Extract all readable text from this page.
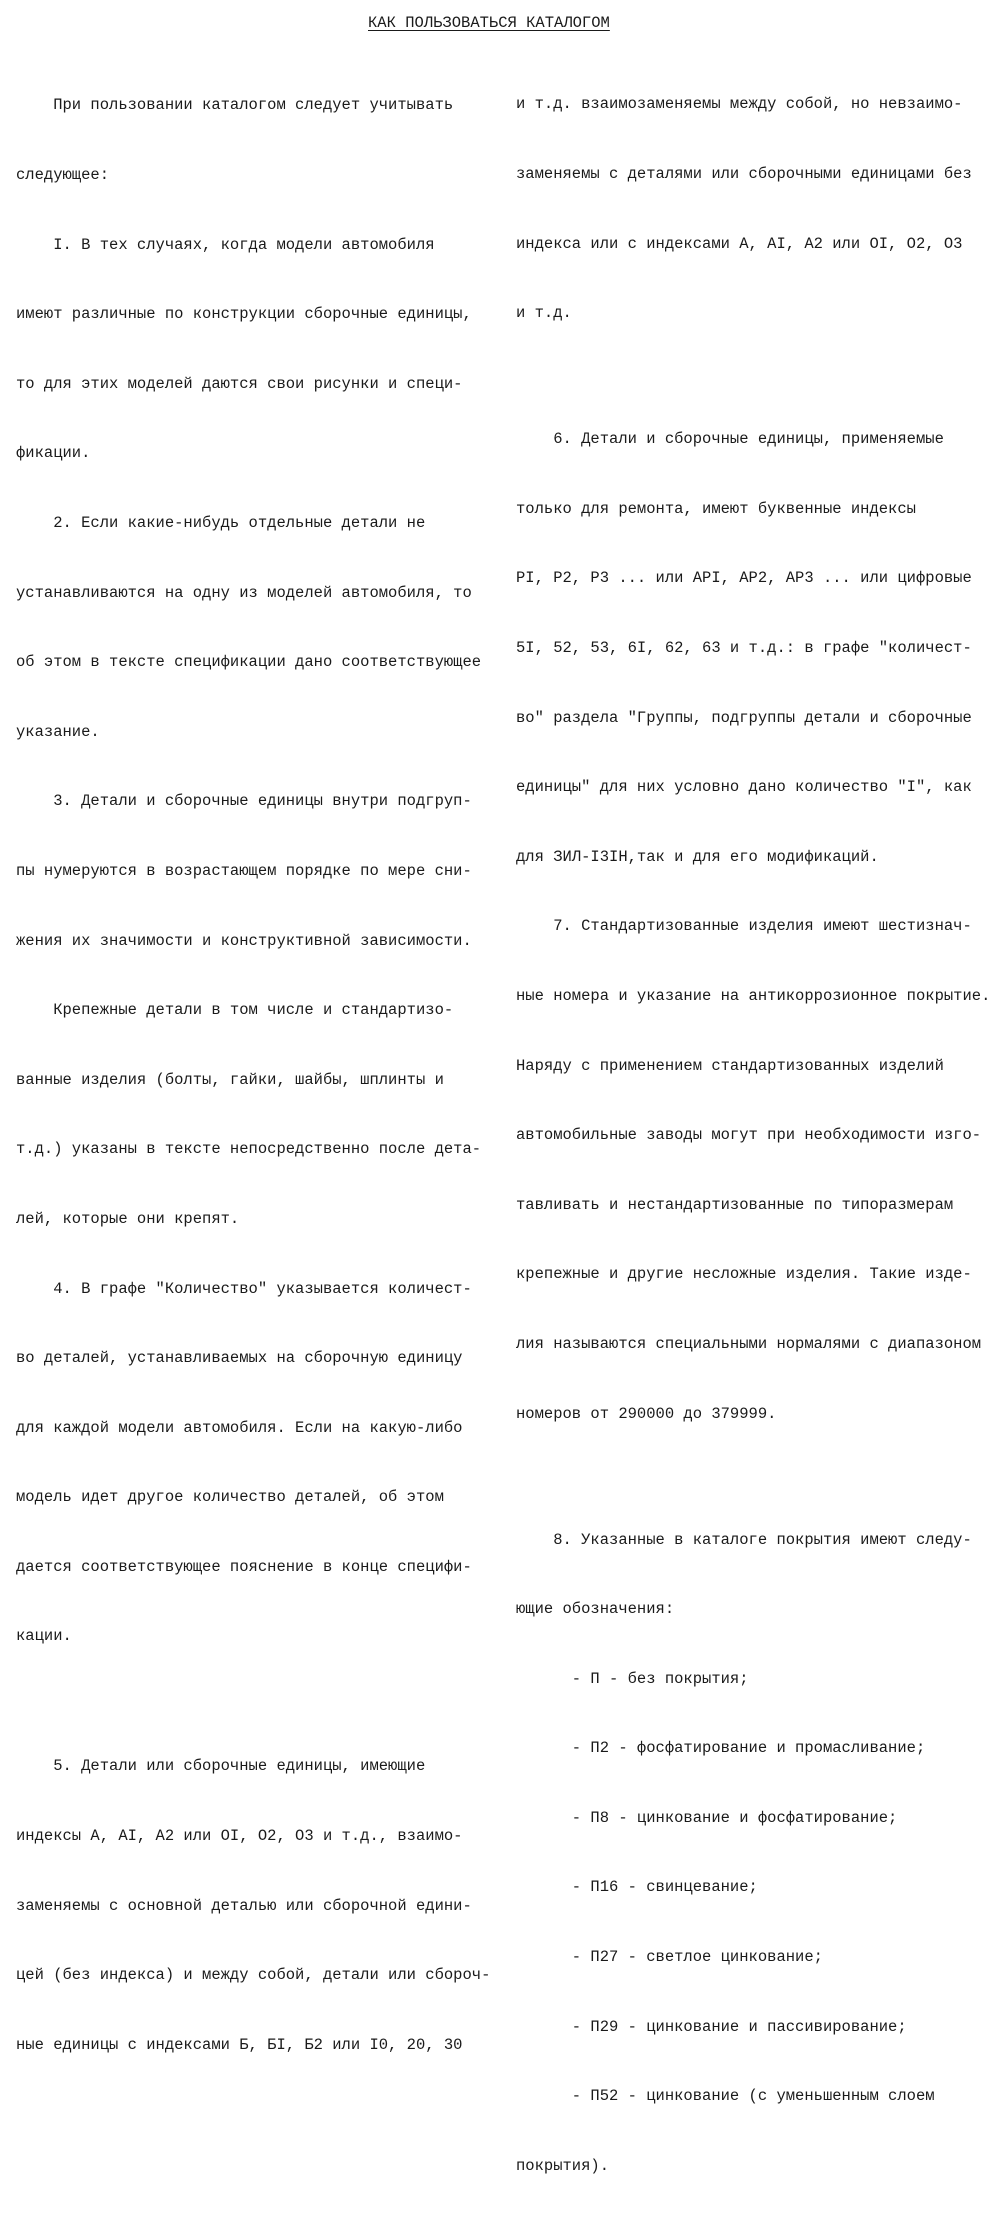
КАК ПОЛЬЗОВАТЬСЯ КАТАЛОГОМ

При пользовании каталогом следует учитывать

следующее:

I. В тех случаях, когда модели автомобиля

имеют различные по конструкции сборочные единицы,

то для этих моделей даются свои рисунки и специ-

фикации.

2. Если какие-нибудь отдельные детали не

устанавливаются на одну из моделей автомобиля, то

об этом в тексте спецификации дано соответствующее

указание.

3. Детали и сборочные единицы внутри подгруп-

пы нумеруются в возрастающем порядке по мере сни-

жения их значимости и конструктивной зависимости.

Крепежные детали в том числе и стандартизо-

ванные изделия (болты, гайки, шайбы, шплинты и

т.д.) указаны в тексте непосредственно после дета-

лей, которые они крепят.

4. В графе "Количество" указывается количест-

во деталей, устанавливаемых на сборочную единицу

для каждой модели автомобиля. Если на какую-либо

модель идет другое количество деталей, об этом

дается соответствующее пояснение в конце специфи-

кации.

5. Детали или сборочные единицы, имеющие

индексы А, АI, А2 или ОI, О2, О3 и т.д., взаимо-

заменяемы с основной деталью или сборочной едини-

цей (без индекса) и между собой, детали или сбороч-

ные единицы с индексами Б, БI, Б2 или I0, 20, 30

и т.д. взаимозаменяемы между собой, но невзаимо-

заменяемы с деталями или сборочными единицами без

индекса или с индексами А, АI, А2 или ОI, О2, О3

и т.д.

6. Детали и сборочные единицы, применяемые

только для ремонта, имеют буквенные индексы

PI, P2, P3 ... или АРI, АР2, АР3 ... или цифровые

5I, 52, 53, 6I, 62, 63 и т.д.: в графе "количест-

во" раздела "Группы, подгруппы детали и сборочные

единицы" для них условно дано количество "I", как

для ЗИЛ-I3IН,так и для его модификаций.

7. Стандартизованные изделия имеют шестизнач-

ные номера и указание на антикоррозионное покрытие.

Наряду с применением стандартизованных изделий

автомобильные заводы могут при необходимости изго-

тавливать и нестандартизованные по типоразмерам

крепежные и другие несложные изделия. Такие изде-

лия называются специальными нормалями с диапазоном

номеров от 290000 до 379999.

8. Указанные в каталоге покрытия имеют следу-

ющие обозначения:

- П - без покрытия;

- П2 - фосфатирование и промасливание;

- П8 - цинкование и фосфатирование;

- П16 - свинцевание;

- П27 - светлое цинкование;

- П29 - цинкование и пассивирование;

- П52 - цинкование (с уменьшенным слоем

покрытия).
